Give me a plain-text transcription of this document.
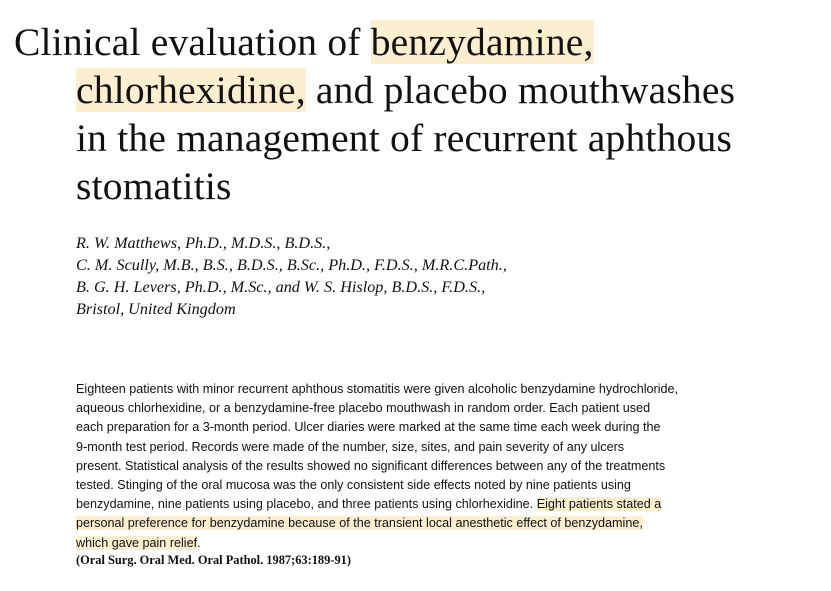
Clinical evaluation of benzydamine,
chlorhexidine, and placebo mouthwashes
in the management of recurrent aphthous
stomatitis
R. W. Matthews, Ph.D., M.D.S., B.D.S.,
C. M. Scully, M.B., B.S., B.D.S., B.Sc., Ph.D., F.D.S., M.R.C.Path.,
B. G. H. Levers, Ph.D., M.Sc., and W. S. Hislop, B.D.S., F.D.S.,
Bristol, United Kingdom
Eighteen patients with minor recurrent aphthous stomatitis were given alcoholic benzydamine hydrochloride,
aqueous chlorhexidine, or a benzydamine-free placebo mouthwash in random order. Each patient used
each preparation for a 3-month period. Ulcer diaries were marked at the same time each week during the
9-month test period. Records were made of the number, size, sites, and pain severity of any ulcers
present. Statistical analysis of the results showed no significant differences between any of the treatments
tested. Stinging of the oral mucosa was the only consistent side effects noted by nine patients using
benzydamine, nine patients using placebo, and three patients using chlorhexidine. Eight patients stated a
personal preference for benzydamine because of the transient local anesthetic effect of benzydamine,
which gave pain relief.
(Oral Surg. Oral Med. Oral Pathol. 1987;63:189-91)
